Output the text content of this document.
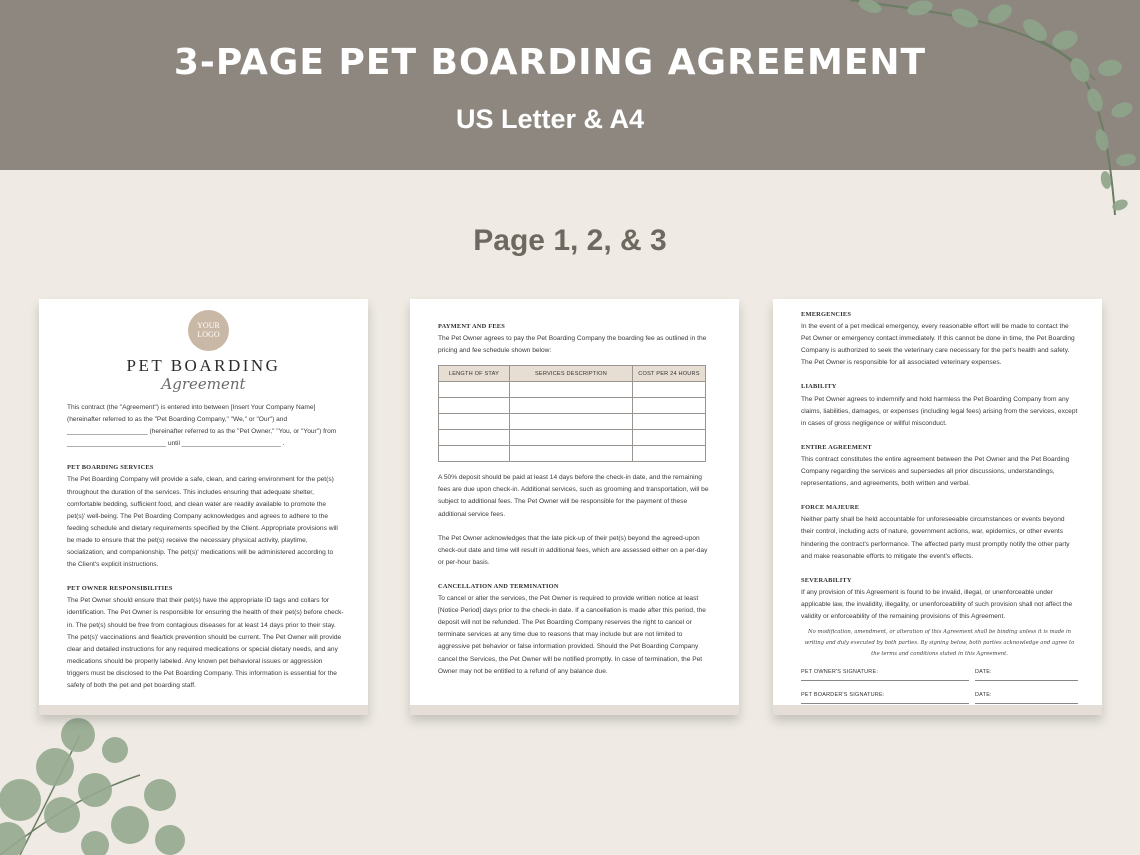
3-PAGE PET BOARDING AGREEMENT
US Letter & A4
Page 1, 2, & 3
YOUR
LOGO
PET BOARDING
Agreement
This contract (the "Agreement") is entered into between [Insert Your Company Name] (hereinafter referred to as the "Pet Boarding Company," "We," or "Our") and ______________________ (hereinafter referred to as the "Pet Owner," "You, or "Your") from ___________________________ until ___________________________ .
PET BOARDING SERVICES
The Pet Boarding Company will provide a safe, clean, and caring environment for the pet(s) throughout the duration of the services. This includes ensuring that adequate shelter, comfortable bedding, sufficient food, and clean water are readily available to promote the pet(s)' well-being. The Pet Boarding Company acknowledges and agrees to adhere to the feeding schedule and dietary requirements specified by the Client. Appropriate provisions will be made to ensure that the pet(s) receive the necessary physical activity, playtime, socialization, and companionship. The pet(s)' medications will be administered according to the Client's explicit instructions.
PET OWNER RESPONSIBILITIES
The Pet Owner should ensure that their pet(s) have the appropriate ID tags and collars for identification. The Pet Owner is responsible for ensuring the health of their pet(s) before check-in. The pet(s) should be free from contagious diseases for at least 14 days prior to their stay. The pet(s)' vaccinations and flea/tick prevention should be current. The Pet Owner will provide clear and detailed instructions for any required medications or special dietary needs, and any medications should be properly labeled. Any known pet behavioral issues or aggression triggers must be disclosed to the Pet Boarding Company. This information is essential for the safety of both the pet and pet boarding staff.
PAYMENT AND FEES
The Pet Owner agrees to pay the Pet Boarding Company the boarding fee as outlined in the pricing and fee schedule shown below:
LENGTH OF STAY	SERVICES DESCRIPTION	COST PER 24 HOURS

A 50% deposit should be paid at least 14 days before the check-in date, and the remaining fees are due upon check-in. Additional services, such as grooming and transportation, will be subject to additional fees. The Pet Owner will be responsible for the payment of these additional service fees.
The Pet Owner acknowledges that the late pick-up of their pet(s) beyond the agreed-upon check-out date and time will result in additional fees, which are assessed either on a per-day or per-hour basis.
CANCELLATION AND TERMINATION
To cancel or alter the services, the Pet Owner is required to provide written notice at least [Notice Period] days prior to the check-in date. If a cancellation is made after this period, the deposit will not be refunded. The Pet Boarding Company reserves the right to cancel or terminate services at any time due to reasons that may include but are not limited to aggressive pet behavior or false information provided. Should the Pet Boarding Company cancel the Services, the Pet Owner will be notified promptly. In case of termination, the Pet Owner may not be entitled to a refund of any balance due.
EMERGENCIES
In the event of a pet medical emergency, every reasonable effort will be made to contact the Pet Owner or emergency contact immediately. If this cannot be done in time, the Pet Boarding Company is authorized to seek the veterinary care necessary for the pet's health and safety. The Pet Owner is responsible for all associated veterinary expenses.
LIABILITY
The Pet Owner agrees to indemnify and hold harmless the Pet Boarding Company from any claims, liabilities, damages, or expenses (including legal fees) arising from the services, except in cases of gross negligence or willful misconduct.
ENTIRE AGREEMENT
This contract constitutes the entire agreement between the Pet Owner and the Pet Boarding Company regarding the services and supersedes all prior discussions, understandings, representations, and agreements, both written and verbal.
FORCE MAJEURE
Neither party shall be held accountable for unforeseeable circumstances or events beyond their control, including acts of nature, government actions, war, epidemics, or other events hindering the contract's performance. The affected party must promptly notify the other party and make reasonable efforts to mitigate the event's effects.
SEVERABILITY
If any provision of this Agreement is found to be invalid, illegal, or unenforceable under applicable law, the invalidity, illegality, or unenforceability of such provision shall not affect the validity or enforceability of the remaining provisions of this Agreement.
No modification, amendment, or alteration of this Agreement shall be binding unless it is made in writing and duly executed by both parties. By signing below, both parties acknowledge and agree to the terms and conditions stated in this Agreement.
PET OWNER'S SIGNATURE:	DATE:
PET BOARDER'S SIGNATURE:	DATE:
